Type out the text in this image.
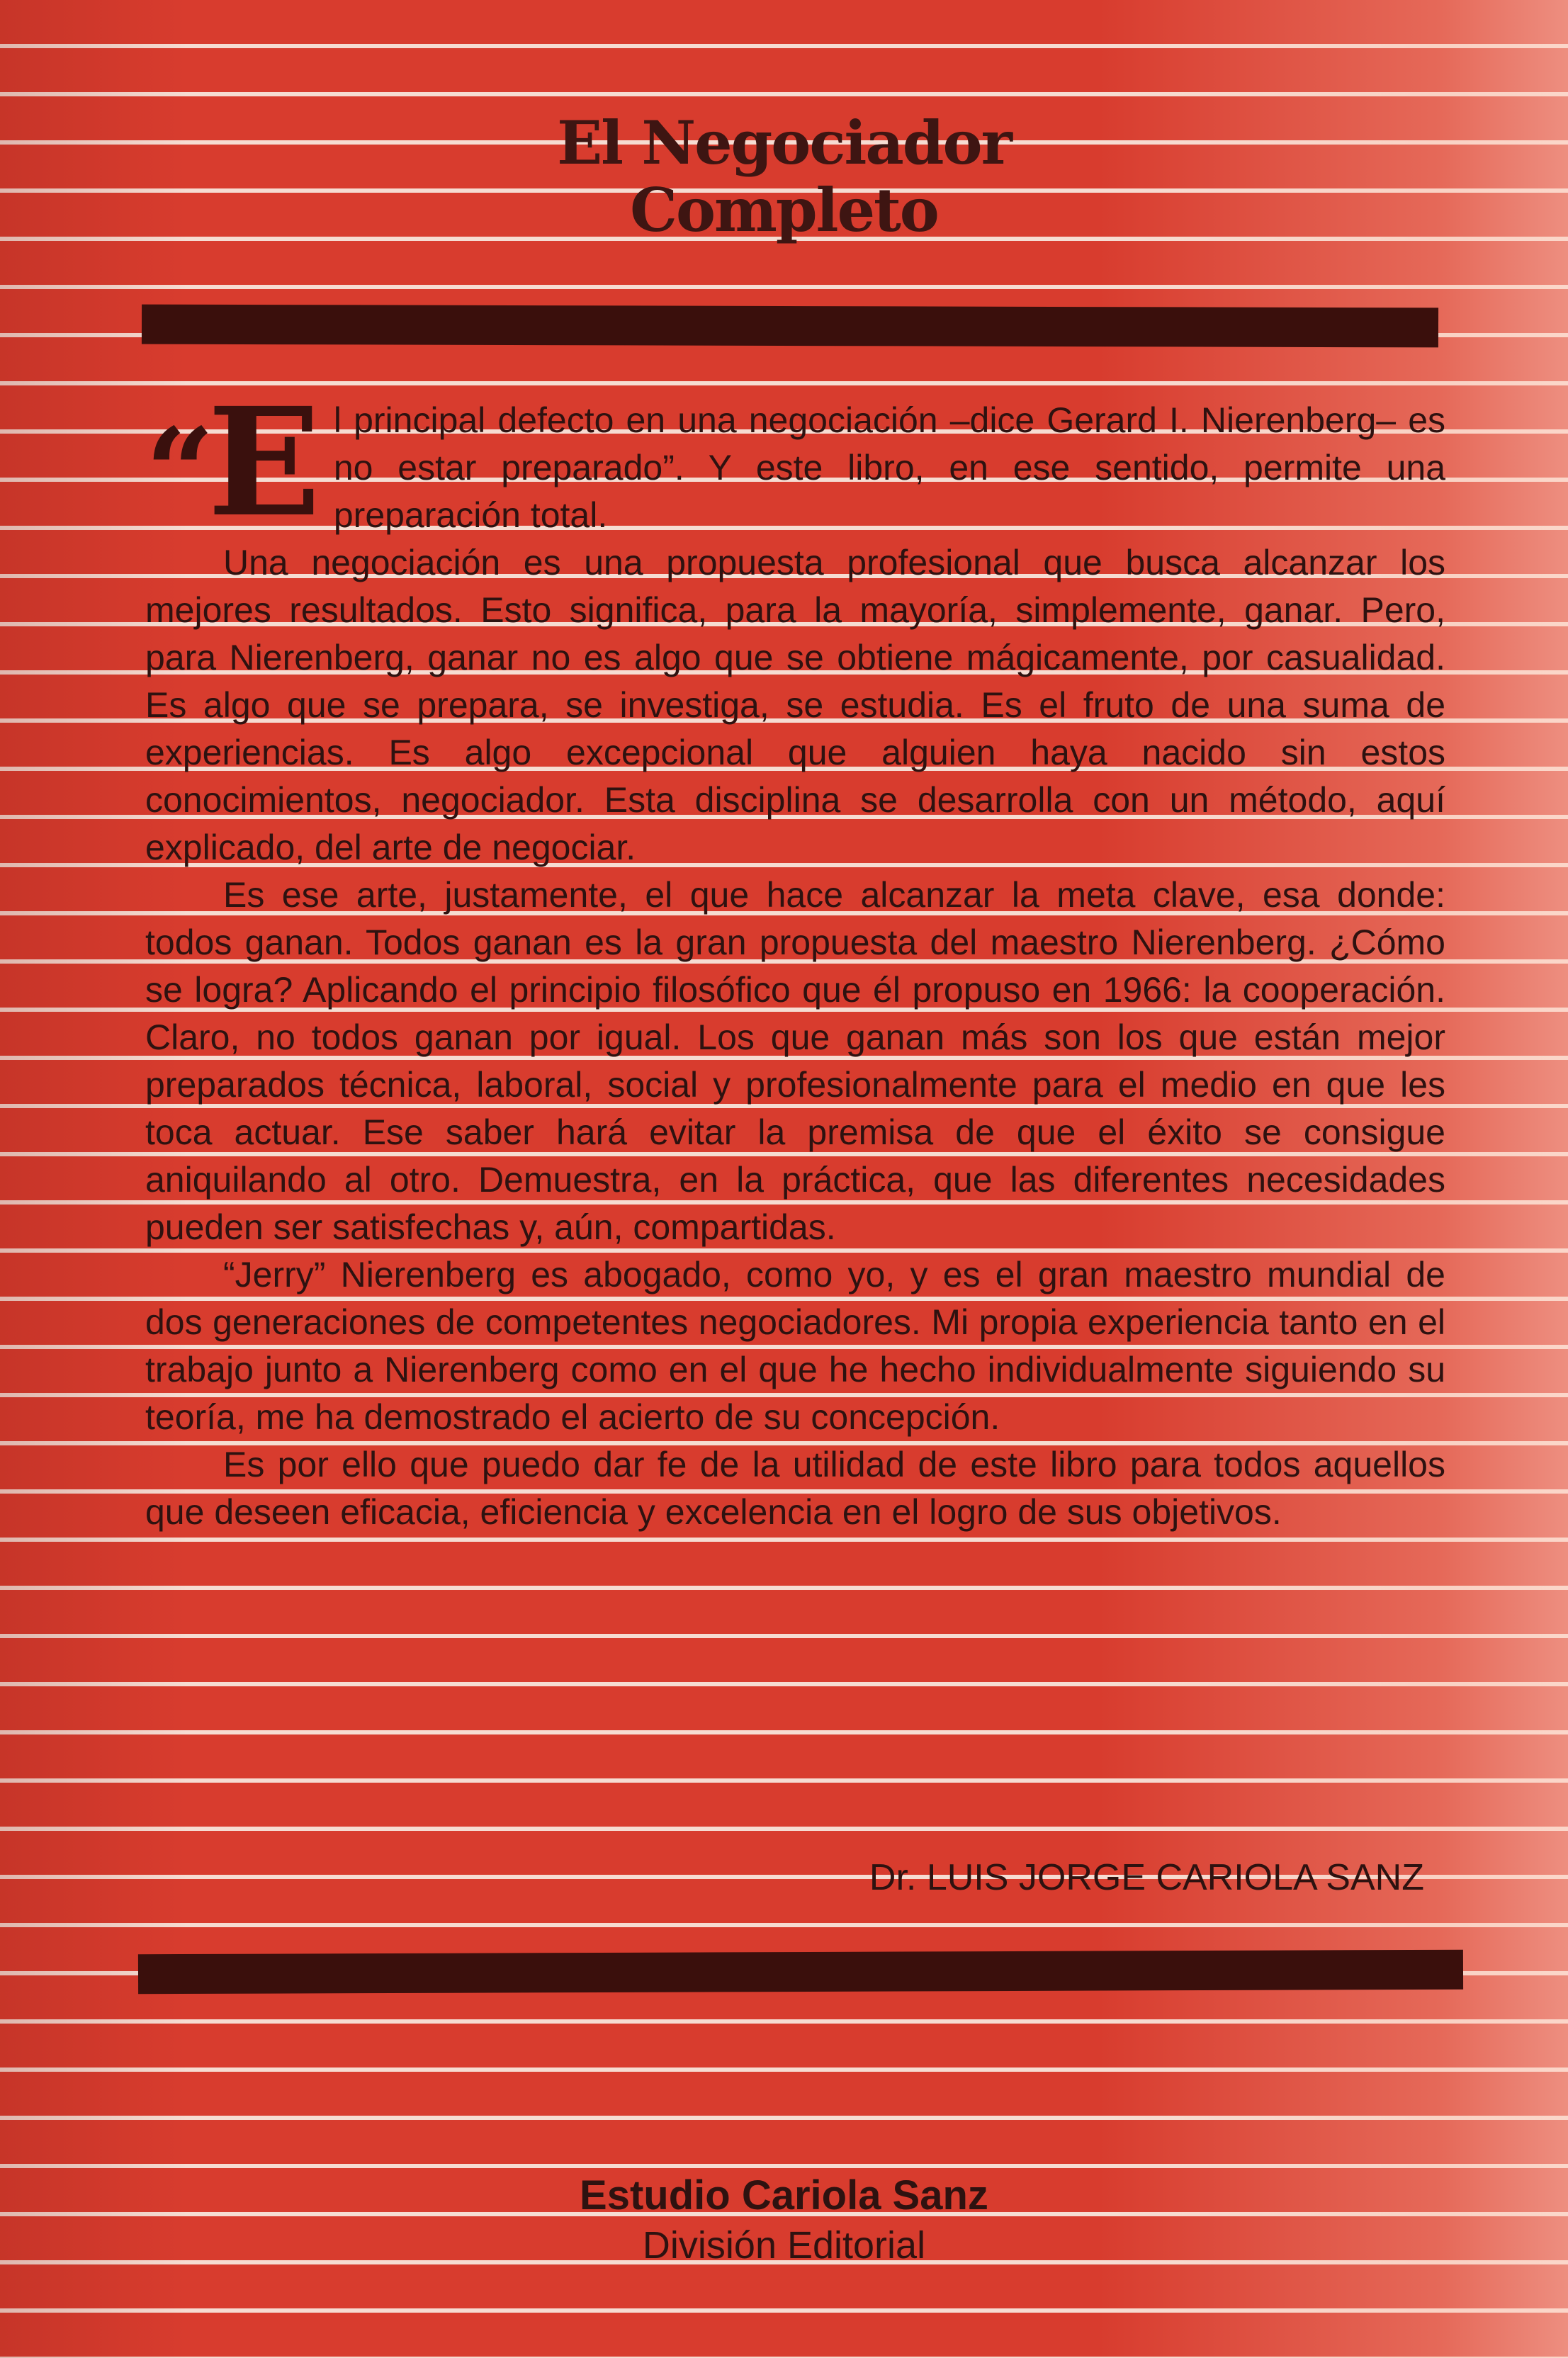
El Negociador
Completo

“E l principal defecto en una negociación –dice Gerard I. Nierenberg– es no estar preparado”. Y este libro, en ese sentido, permite una preparación total.

Una negociación es una propuesta profesional que busca alcanzar los mejores resultados. Esto significa, para la mayoría, simplemente, ganar. Pero, para Nierenberg, ganar no es algo que se obtiene mágicamente, por casualidad. Es algo que se prepara, se investiga, se estudia. Es el fruto de una suma de experiencias. Es algo excepcional que alguien haya nacido sin estos conocimientos, negociador. Esta disciplina se desarrolla con un método, aquí explicado, del arte de negociar.

Es ese arte, justamente, el que hace alcanzar la meta clave, esa donde: todos ganan. Todos ganan es la gran propuesta del maestro Nierenberg. ¿Cómo se logra? Aplicando el principio filosófico que él propuso en 1966: la cooperación. Claro, no todos ganan por igual. Los que ganan más son los que están mejor preparados técnica, laboral, social y profesionalmente para el medio en que les toca actuar. Ese saber hará evitar la premisa de que el éxito se consigue aniquilando al otro. Demuestra, en la práctica, que las diferentes necesidades pueden ser satisfechas y, aún, compartidas.

“Jerry” Nierenberg es abogado, como yo, y es el gran maestro mundial de dos generaciones de competentes negociadores. Mi propia experiencia tanto en el trabajo junto a Nierenberg como en el que he hecho individualmente siguiendo su teoría, me ha demostrado el acierto de su concepción.

Es por ello que puedo dar fe de la utilidad de este libro para todos aquellos que deseen eficacia, eficiencia y excelencia en el logro de sus objetivos.

Dr. LUIS JORGE CARIOLA SANZ
Estudio Cariola Sanz
División Editorial
